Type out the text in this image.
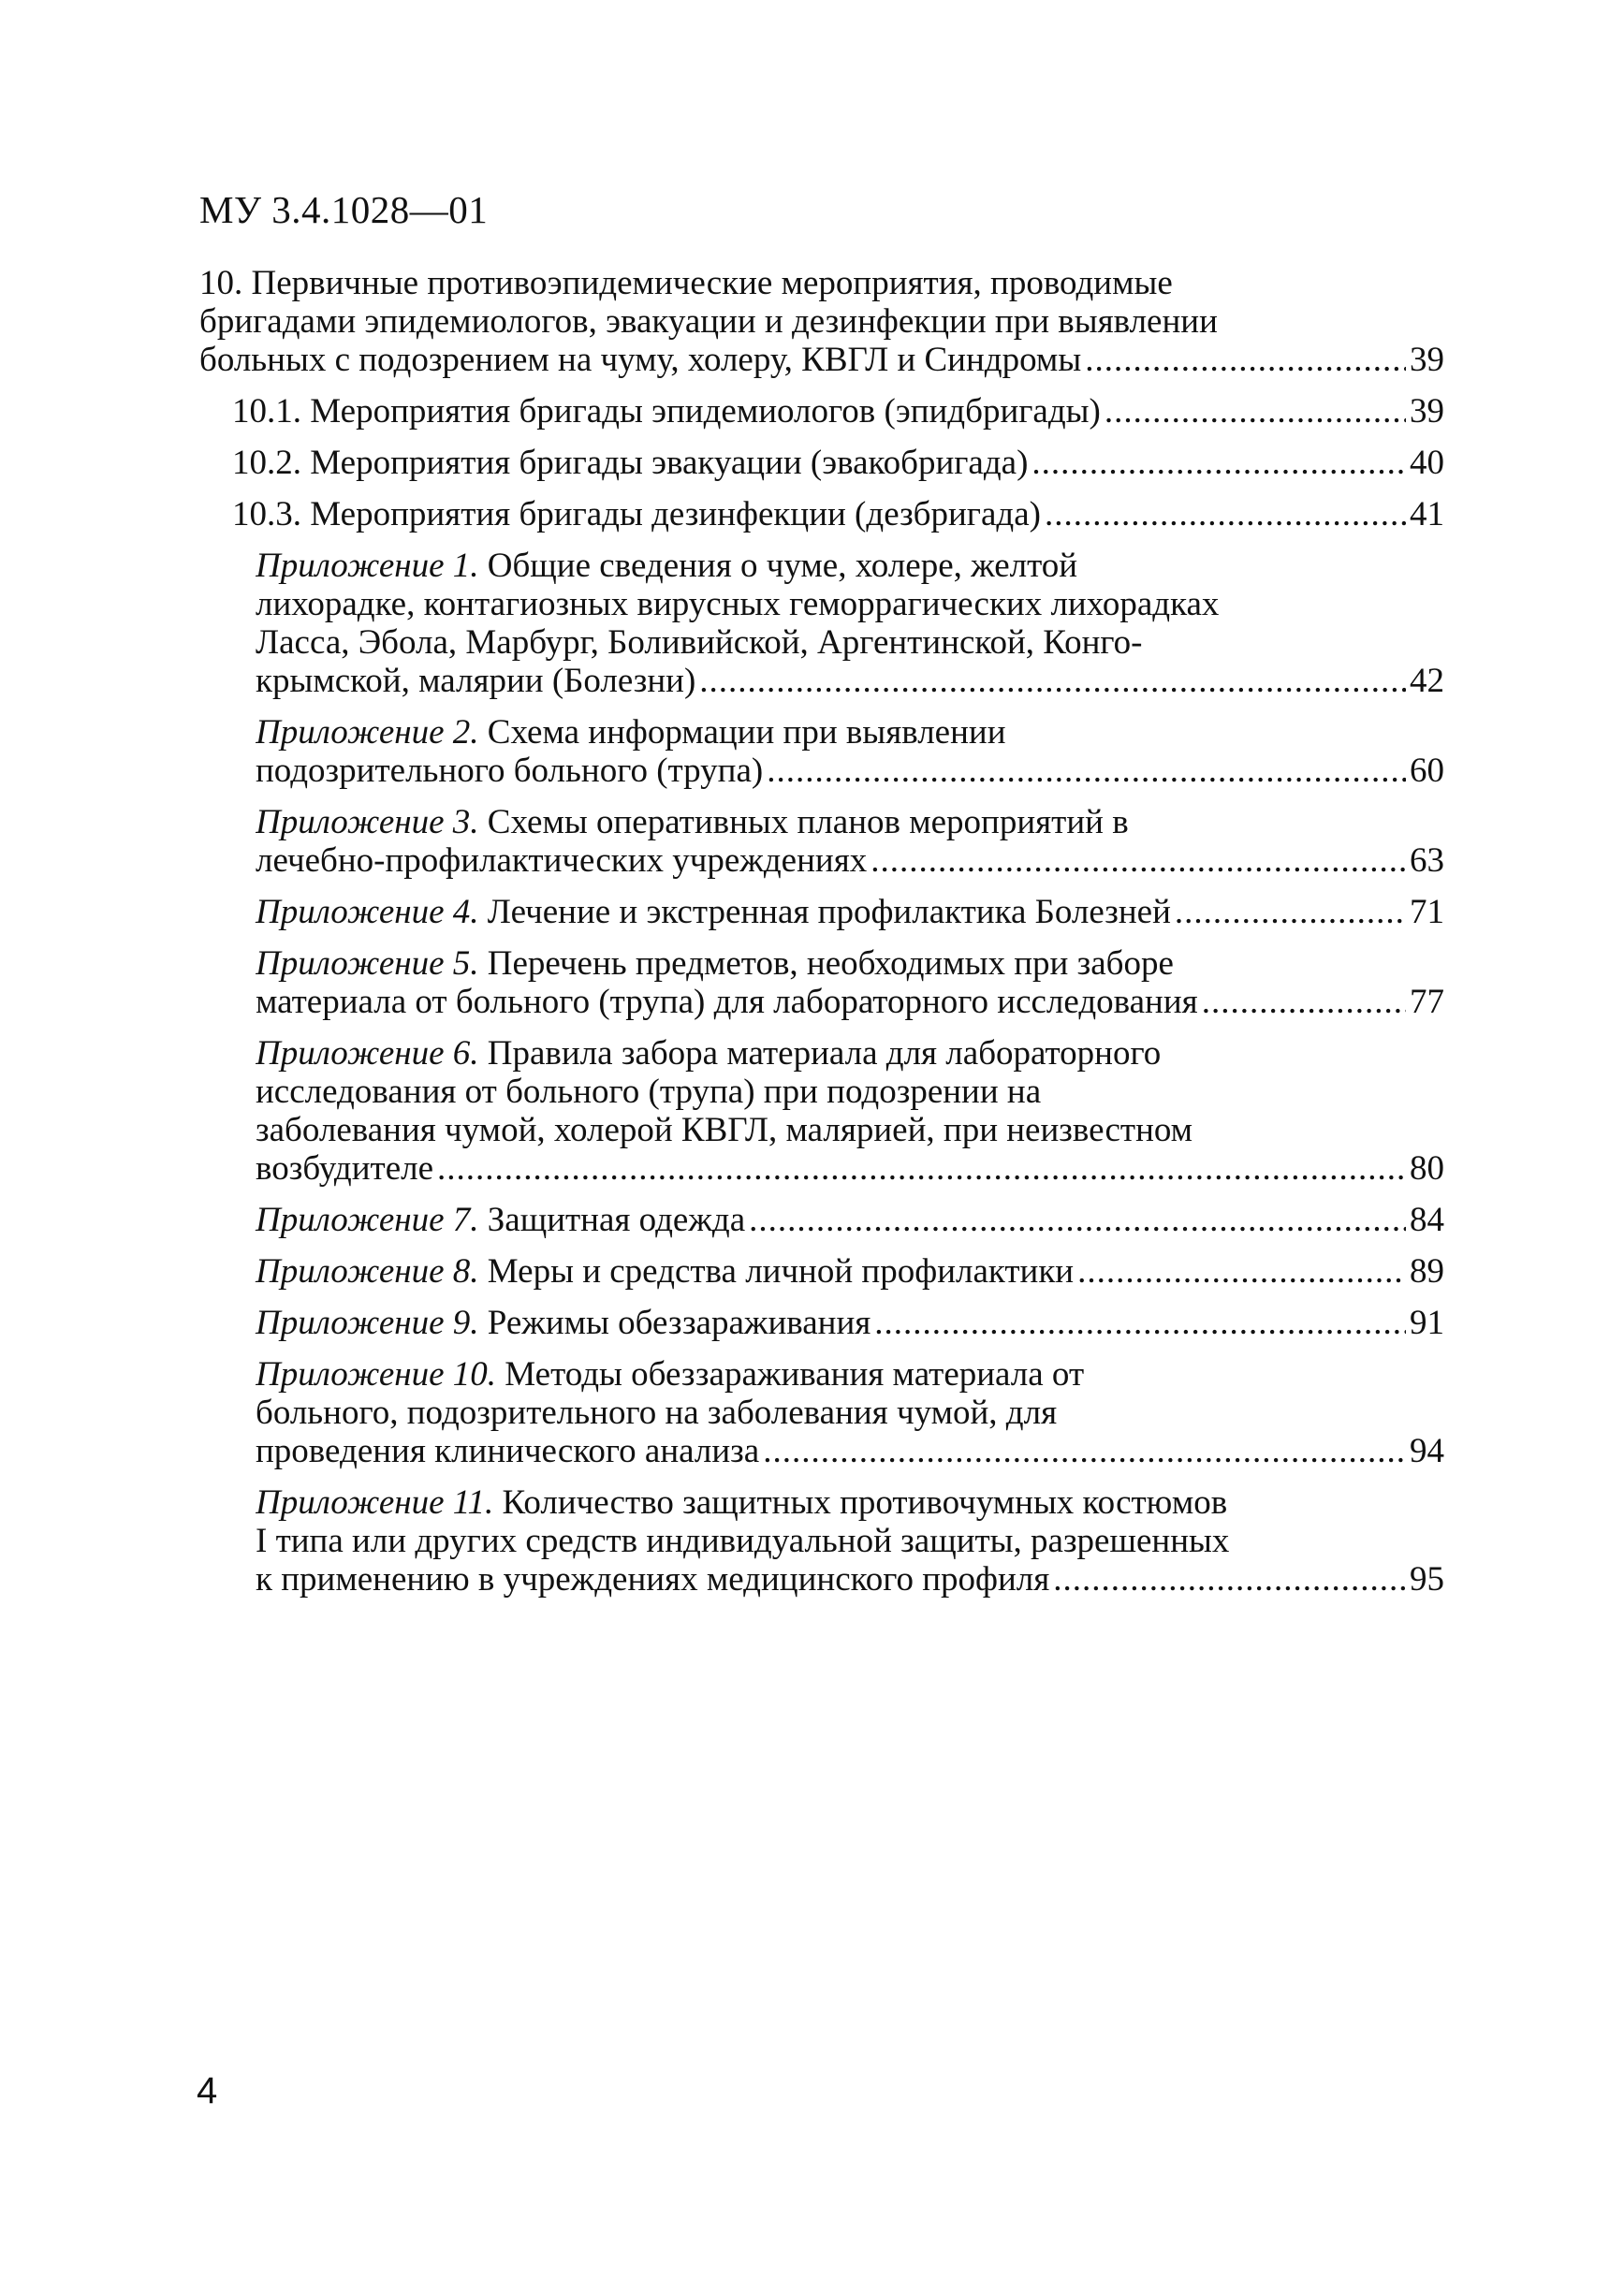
МУ 3.4.1028—01
10. Первичные противоэпидемические мероприятия, проводимые
бригадами эпидемиологов, эвакуации и дезинфекции при выявлении
больных с подозрением на чуму, холеру, КВГЛ и Синдромы .....	39
10.1. Мероприятия бригады эпидемиологов (эпидбригады) .....	39
10.2. Мероприятия бригады эвакуации (эвакобригада) .....	40
10.3. Мероприятия бригады дезинфекции (дезбригада) .....	41
Приложение 1. Общие сведения о чуме, холере, желтой
лихорадке, контагиозных вирусных геморрагических лихорадках
Ласса, Эбола, Марбург, Боливийской, Аргентинской, Конго-
крымской, малярии (Болезни) .....	42
Приложение 2. Схема информации при выявлении
подозрительного больного (трупа) .....	60
Приложение 3. Схемы оперативных планов мероприятий в
лечебно-профилактических учреждениях .....	63
Приложение 4. Лечение и экстренная профилактика Болезней .....	71
Приложение 5. Перечень предметов, необходимых при заборе
материала от больного (трупа) для лабораторного исследования .....	77
Приложение 6. Правила забора материала для лабораторного
исследования от больного (трупа) при подозрении на
заболевания чумой, холерой КВГЛ, малярией, при неизвестном
возбудителе .....	80
Приложение 7. Защитная одежда .....	84
Приложение 8. Меры и средства личной профилактики .....	89
Приложение 9. Режимы обеззараживания .....	91
Приложение 10. Методы обеззараживания материала от
больного, подозрительного на заболевания чумой, для
проведения клинического анализа .....	94
Приложение 11. Количество защитных противочумных костюмов
I типа или других средств индивидуальной защиты, разрешенных
к применению в учреждениях медицинского профиля .....	95
4
